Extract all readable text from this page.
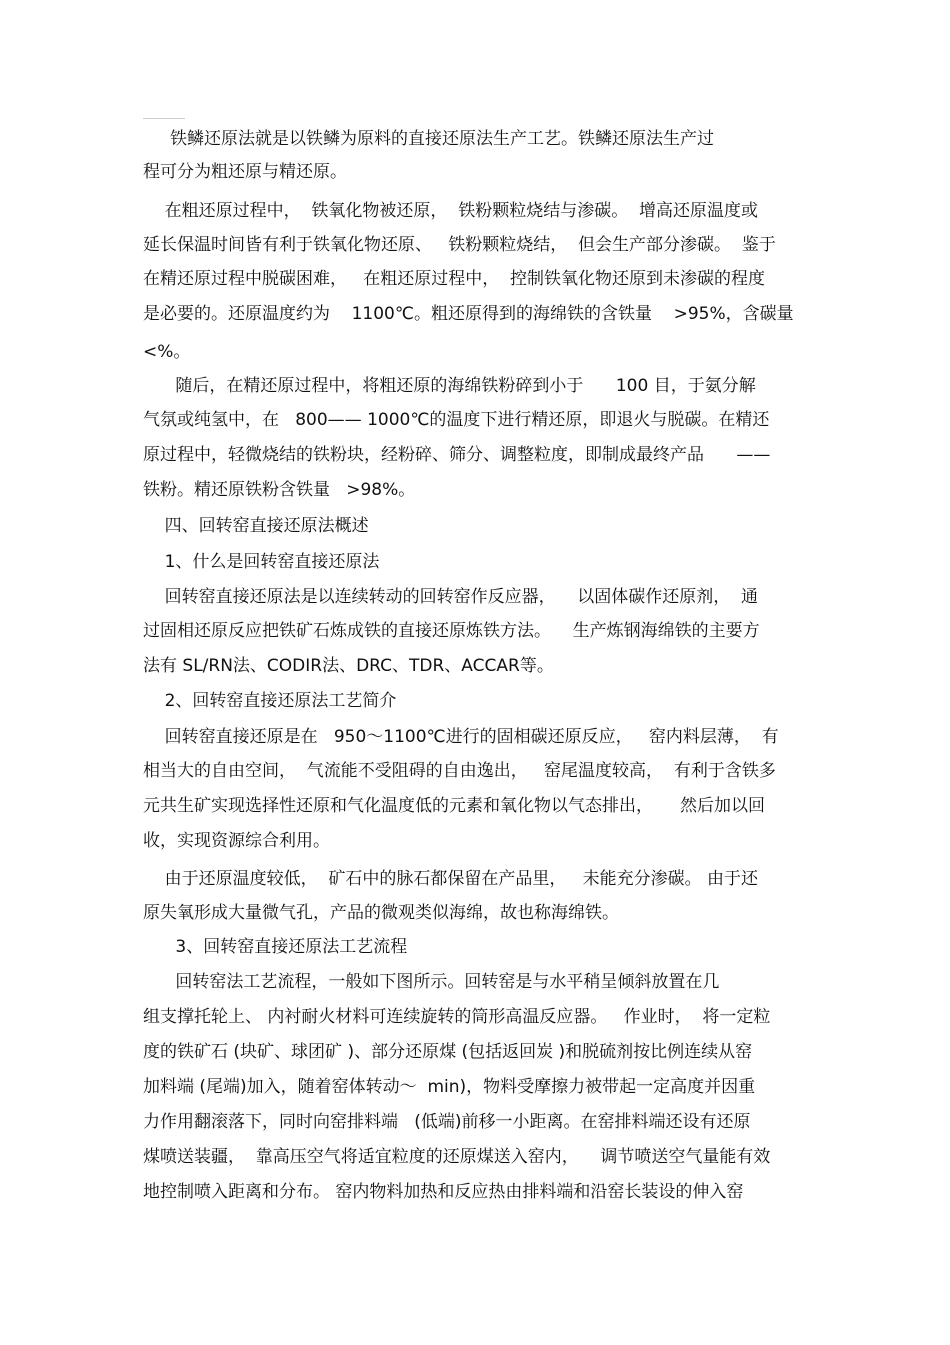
铁鳞还原法就是以铁鳞为原料的直接还原法生产工艺。铁鳞还原法生产过
程可分为粗还原与精还原。
在粗还原过程中，  铁氧化物被还原，  铁粉颗粒烧结与渗碳。  增高还原温度或
延长保温时间皆有利于铁氧化物还原、   铁粉颗粒烧结，  但会生产部分渗碳。  鉴于
在精还原过程中脱碳困难，   在粗还原过程中，  控制铁氧化物还原到未渗碳的程度
是必要的。还原温度约为    1100℃。粗还原得到的海绵铁的含铁量    >95%，含碳量
<%。
随后，在精还原过程中，将粗还原的海绵铁粉碎到小于      100 目，于氨分解
气氛或纯氢中，在   800—— 1000℃的温度下进行精还原，即退火与脱碳。在精还
原过程中，轻微烧结的铁粉块，经粉碎、筛分、调整粒度，即制成最终产品      ——
铁粉。精还原铁粉含铁量   >98%。
四、回转窑直接还原法概述
1、什么是回转窑直接还原法
回转窑直接还原法是以连续转动的回转窑作反应器，    以固体碳作还原剂，  通
过固相还原反应把铁矿石炼成铁的直接还原炼铁方法。    生产炼钢海绵铁的主要方
法有 SL/RN法、CODIR法、DRC、TDR、ACCAR等。
2、回转窑直接还原法工艺简介
回转窑直接还原是在   950～1100℃进行的固相碳还原反应，   窑内料层薄，  有
相当大的自由空间，  气流能不受阻碍的自由逸出，   窑尾温度较高，  有利于含铁多
元共生矿实现选择性还原和气化温度低的元素和氧化物以气态排出，     然后加以回
收，实现资源综合利用。
由于还原温度较低，  矿石中的脉石都保留在产品里，   未能充分渗碳。 由于还
原失氧形成大量微气孔，产品的微观类似海绵，故也称海绵铁。
3、回转窑直接还原法工艺流程
回转窑法工艺流程，一般如下图所示。回转窑是与水平稍呈倾斜放置在几
组支撑托轮上、 内衬耐火材料可连续旋转的筒形高温反应器。   作业时，  将一定粒
度的铁矿石 (块矿、球团矿 )、部分还原煤 (包括返回炭 )和脱硫剂按比例连续从窑
加料端 (尾端)加入，随着窑体转动～  min)，物料受摩擦力被带起一定高度并因重
力作用翻滚落下，同时向窑排料端   (低端)前移一小距离。在窑排料端还设有还原
煤喷送装疆，  靠高压空气将适宜粒度的还原煤送入窑内，    调节喷送空气量能有效
地控制喷入距离和分布。 窑内物料加热和反应热由排料端和沿窑长装设的伸入窑
